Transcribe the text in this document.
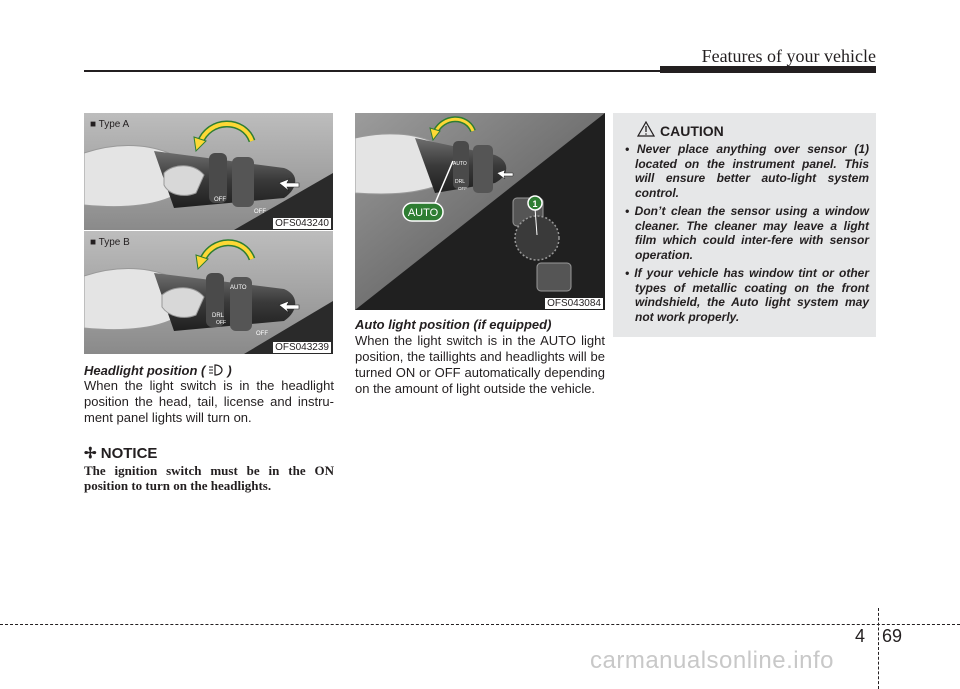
Features of your vehicle
OFF
OFF
■ Type A
OFS043240
AUTO
DRL
OFF
OFF
■ Type B
OFS043239
AUTO
DRL
OFF
AUTO
1
OFS043084
Headlight position ( )
When the light switch is in the headlight position the head, tail, license and instru-ment panel lights will turn on.
✢ NOTICE
The ignition switch must be in the ON position to turn on the headlights.
Auto light position (if equipped)
When the light switch is in the AUTO light position, the taillights and headlights will be turned ON or OFF automatically depending on the amount of light outside the vehicle.
CAUTION
• Never place anything over sensor (1) located on the instrument panel. This will ensure better auto-light system control.
• Don’t clean the sensor using a window cleaner. The cleaner may leave a light film which could inter-fere with sensor operation.
• If your vehicle has window tint or other types of metallic coating on the front windshield, the Auto light system may not work properly.
4 69
carmanualsonline.info
